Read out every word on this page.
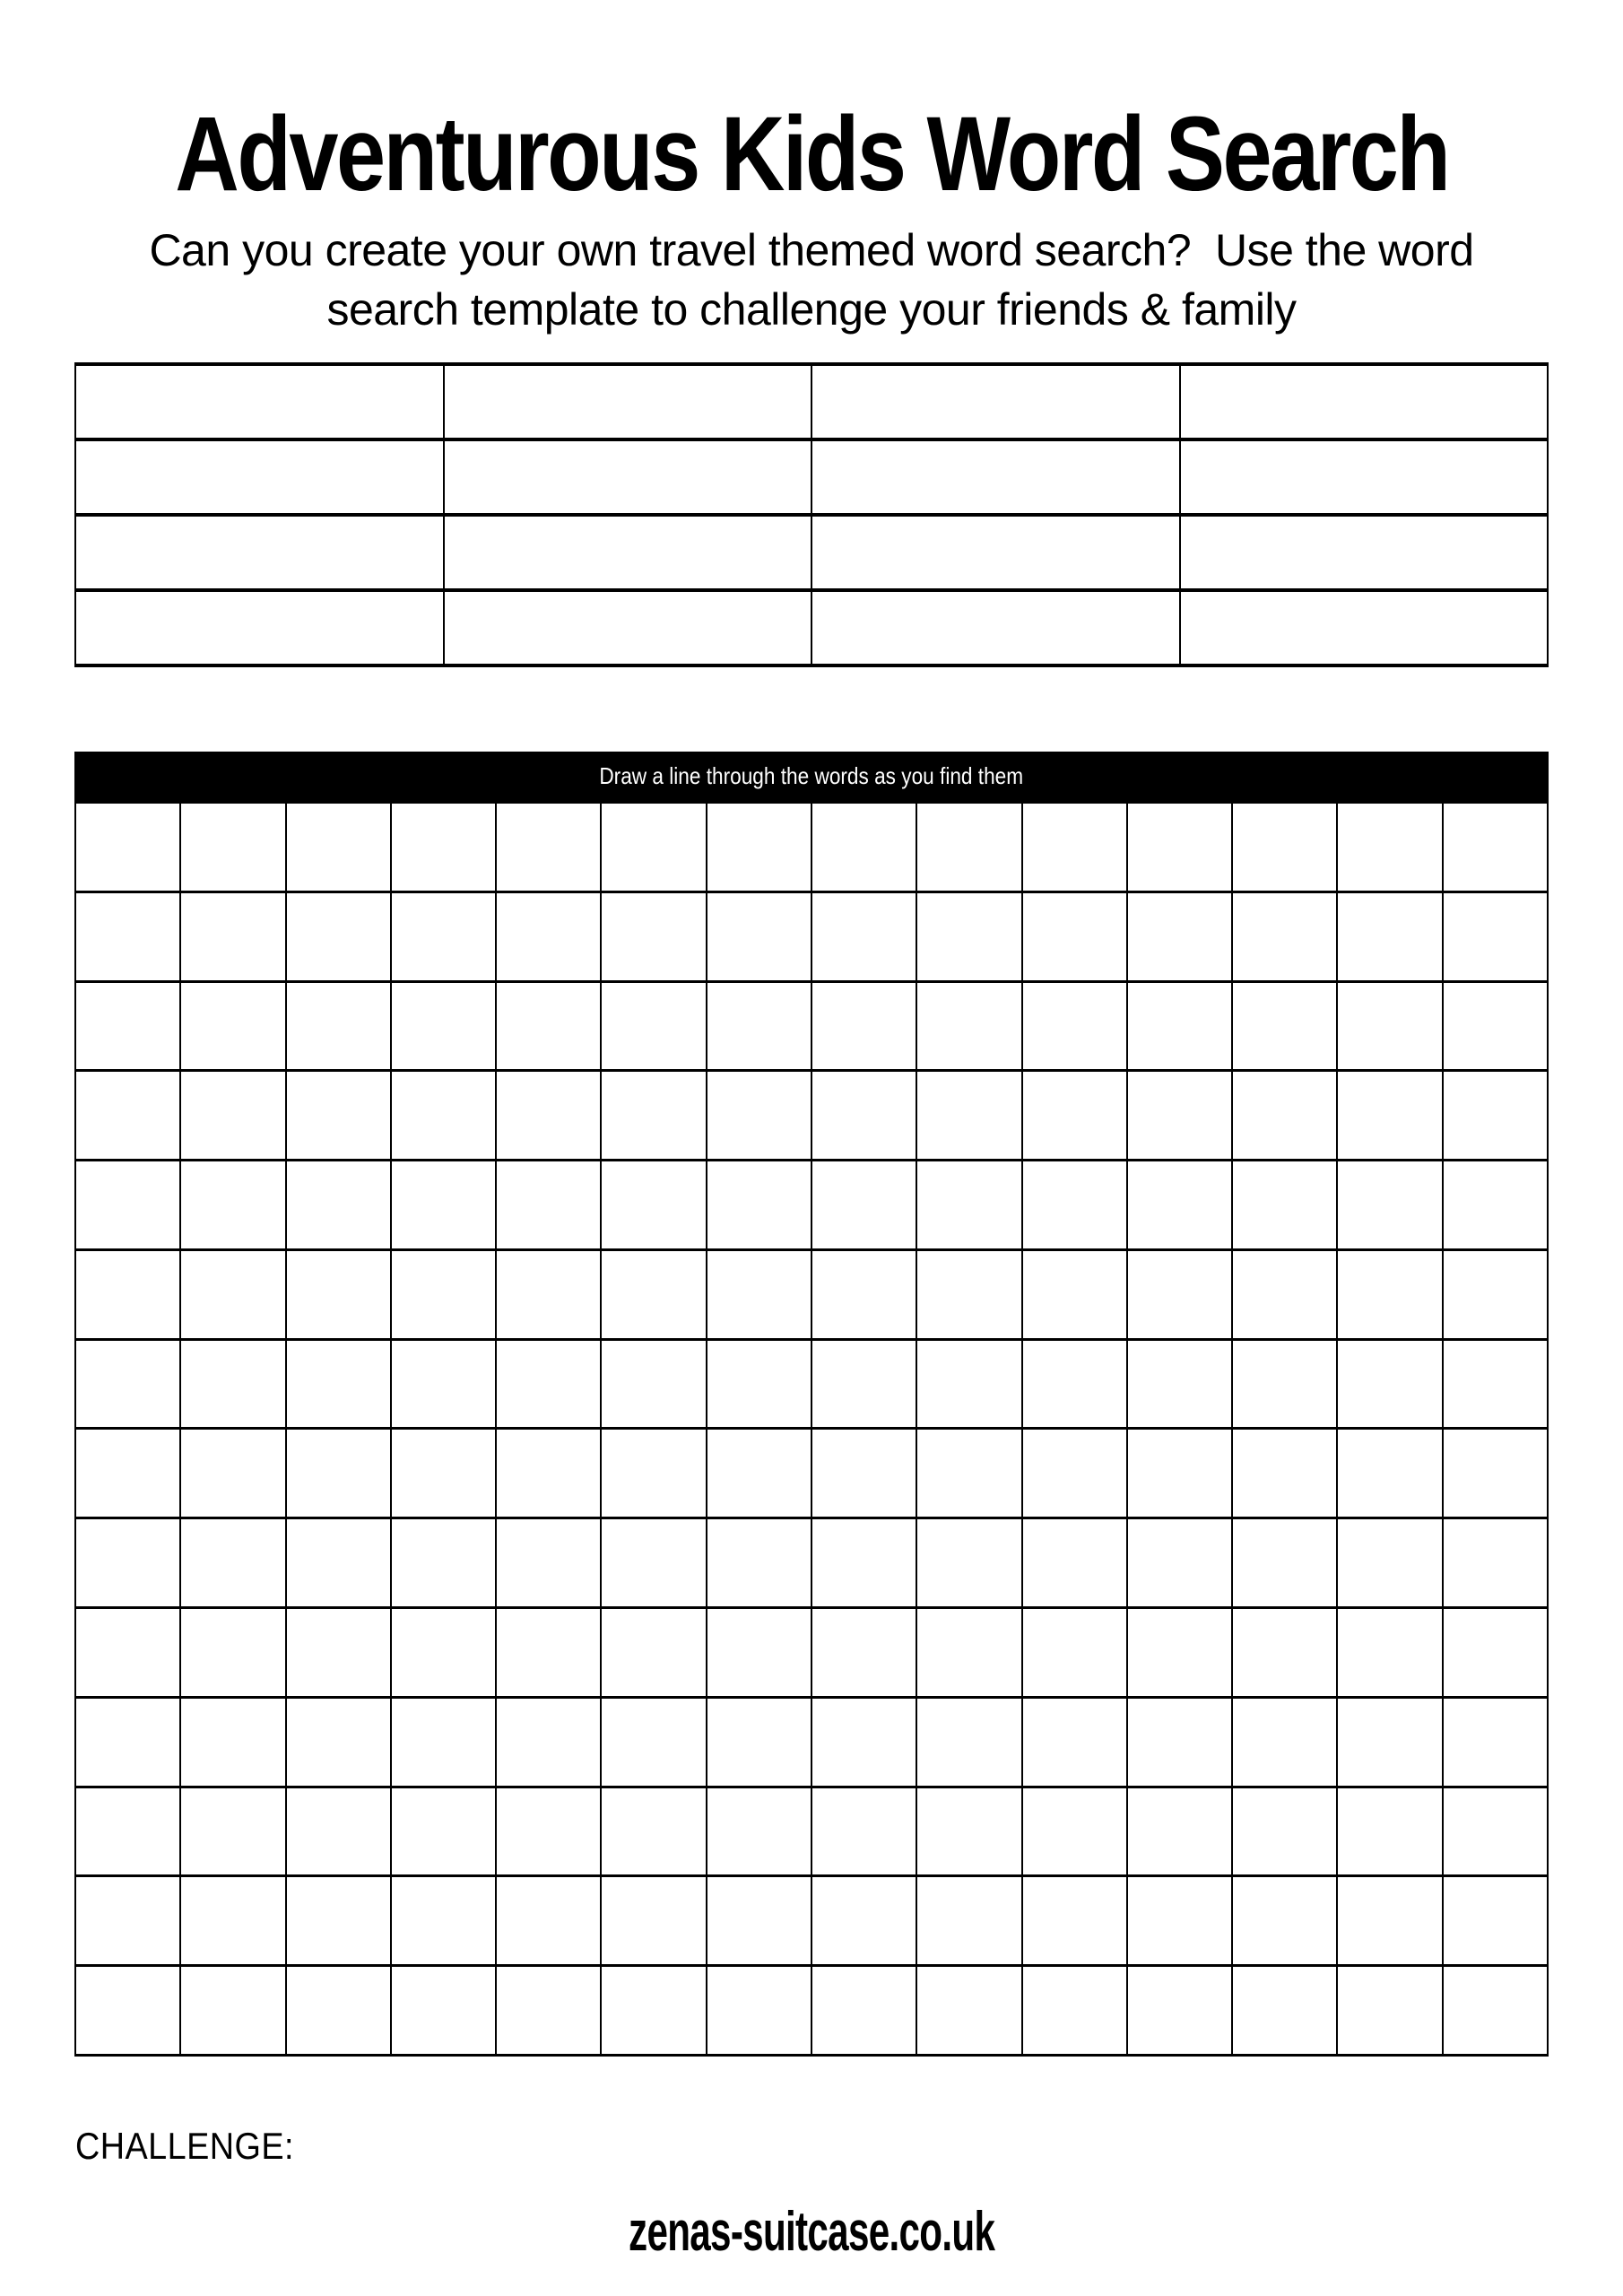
Adventurous Kids Word Search

Can you create your own travel themed word search?  Use the word search template to challenge your friends & family

Draw a line through the words as you find them

CHALLENGE:
zenas-suitcase.co.uk
